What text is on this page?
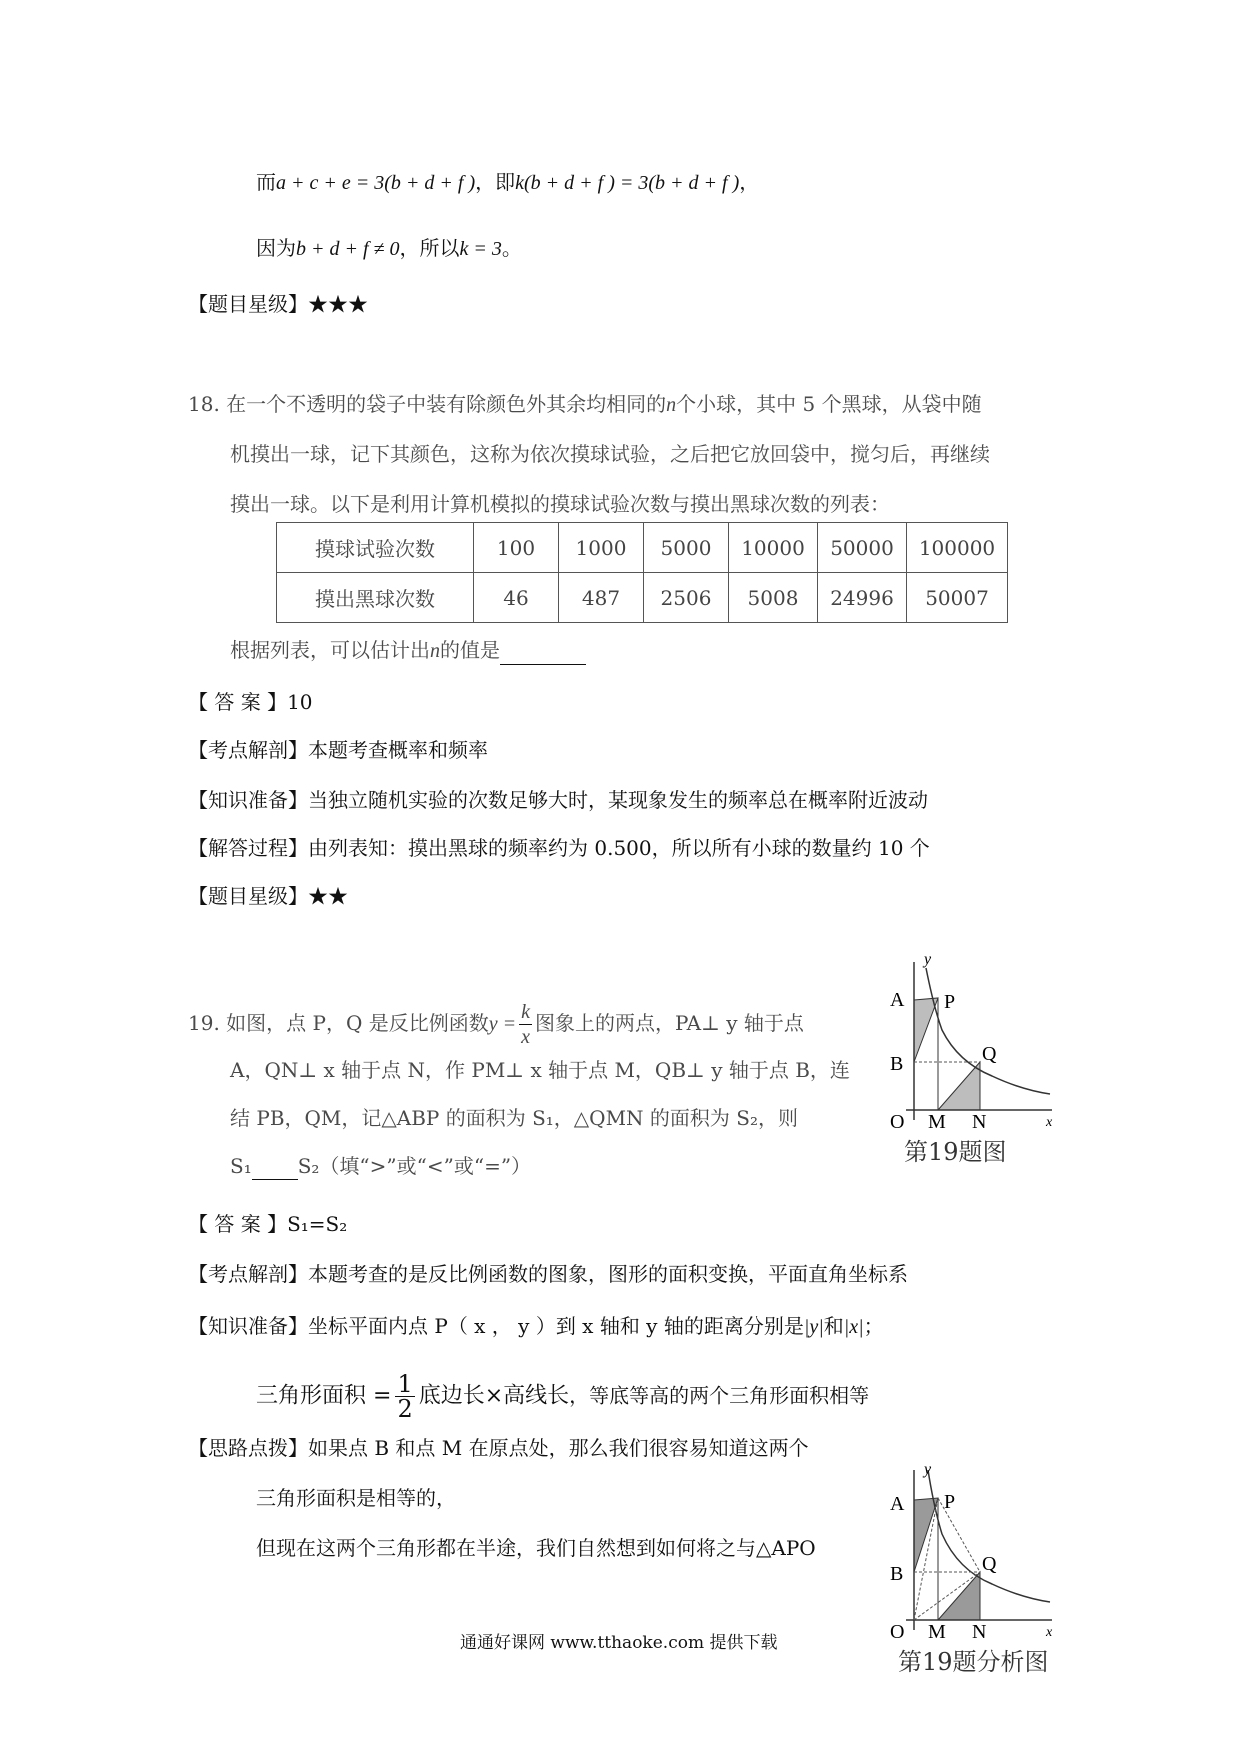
而a + c + e = 3(b + d + f )，即k(b + d + f ) = 3(b + d + f )，
因为b + d + f ≠ 0，所以k = 3。
【题目星级】★★★
18. 在一个不透明的袋子中装有除颜色外其余均相同的n个小球，其中 5 个黑球，从袋中随
机摸出一球，记下其颜色，这称为依次摸球试验，之后把它放回袋中，搅匀后，再继续
摸出一球。以下是利用计算机模拟的摸球试验次数与摸出黑球次数的列表：
摸球试验次数	100	1000	5000	10000	50000	100000
摸出黑球次数	46	487	2506	5008	24996	50007
根据列表，可以估计出n的值是
【 答 案 】10
【考点解剖】本题考查概率和频率
【知识准备】当独立随机实验的次数足够大时，某现象发生的频率总在概率附近波动
【解答过程】由列表知：摸出黑球的频率约为 0.500，所以所有小球的数量约 10 个
【题目星级】★★
19. 如图，点 P，Q 是反比例函数$y = \frac{k}{x}$ 图象上的两点，PA⊥ y 轴于点
A，QN⊥ x 轴于点 N，作 PM⊥ x 轴于点 M，QB⊥ y 轴于点 B，连
结 PB，QM，记△ABP 的面积为 S₁，△QMN 的面积为 S₂，则
S₁ S₂（填“>”或“<”或“=”）
y
x
A P
Q
B
O M N
第19题图
【 答 案 】S₁=S₂
【考点解剖】本题考查的是反比例函数的图象，图形的面积变换，平面直角坐标系
【知识准备】坐标平面内点 P（ x ， y ）到 x 轴和 y 轴的距离分别是|y|和|x|；
三角形面积 = $\frac{1}{2}$ 底边长×高线长，等底等高的两个三角形面积相等
【思路点拨】如果点 B 和点 M 在原点处，那么我们很容易知道这两个
三角形面积是相等的，
但现在这两个三角形都在半途，我们自然想到如何将之与△APO
y
x
A P
Q
B
O M N
第19题分析图
通通好课网 www.tthaoke.com 提供下载
